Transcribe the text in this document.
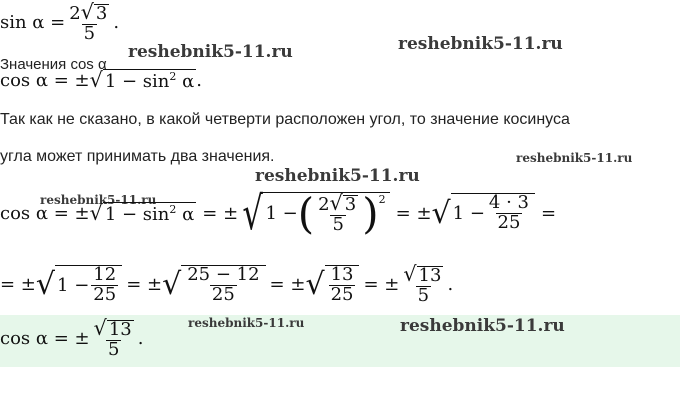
$\sin \alpha = \frac{2√ 3}{5}$ .
reshebnik5-11.ru	reshebnik5-11.ru
Значения cos α
cos α = ± √ $1 - \sin^2 \alpha$ .
Так как не сказано, в какой четверти расположен угол, то значение косинуса
угла может принимать два значения.	reshebnik5-11.ru
reshebnik5-11.ru
reshebnik5-11.ru
cos α = ± √ $1 - \sin^2 \alpha$ = ± √ 1 − ( $\frac{2√ 3}{5} )^2$
= ± √ $1 - \frac{4 \cdot 3}{25}$ =
= ± √ $1 - \frac{12}{25}$ = ± √ $\frac{25 - 12}{25}$ = ± √ $\frac{13}{25}$ = ± $\frac{√ 13}{5}$ .
cos α = ± $\frac{√ 13}{5}$ .
reshebnik5-11.ru	reshebnik5-11.ru
